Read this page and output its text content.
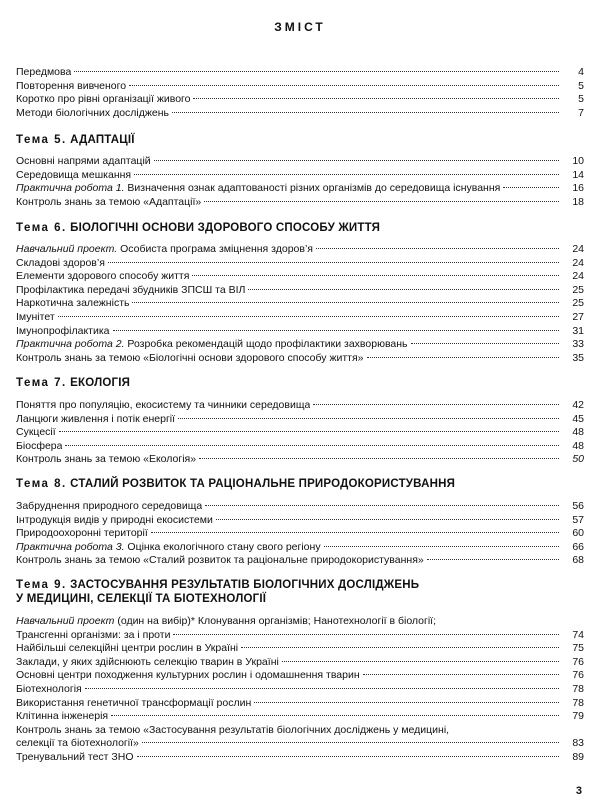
ЗМІСТ
Передмова	4
Повторення вивченого	5
Коротко про рівні організації живого	5
Методи біологічних досліджень	7
Тема 5. АДАПТАЦІЇ
Основні напрями адаптацій	10
Середовища мешкання	14
Практична робота 1. Визначення ознак адаптованості різних організмів до середовища існування	16
Контроль знань за темою «Адаптації»	18
Тема 6. БІОЛОГІЧНІ ОСНОВИ ЗДОРОВОГО СПОСОБУ ЖИТТЯ
Навчальний проект. Особиста програма зміцнення здоров’я	24
Складові здоров’я	24
Елементи здорового способу життя	24
Профілактика передачі збудників ЗПСШ та ВІЛ	25
Наркотична залежність	25
Імунітет	27
Імунопрофілактика	31
Практична робота 2. Розробка рекомендацій щодо профілактики захворювань	33
Контроль знань за темою «Біологічні основи здорового способу життя»	35
Тема 7. ЕКОЛОГІЯ
Поняття про популяцію, екосистему та чинники середовища	42
Ланцюги живлення і потік енергії	45
Сукцесії	48
Біосфера	48
Контроль знань за темою «Екологія»	50
Тема 8. СТАЛИЙ РОЗВИТОК ТА РАЦІОНАЛЬНЕ ПРИРОДОКОРИСТУВАННЯ
Забруднення природного середовища	56
Інтродукція видів у природні екосистеми	57
Природоохоронні території	60
Практична робота 3. Оцінка екологічного стану свого регіону	66
Контроль знань за темою «Сталий розвиток та раціональне природокористування»	68
Тема 9. ЗАСТОСУВАННЯ РЕЗУЛЬТАТІВ БІОЛОГІЧНИХ ДОСЛІДЖЕНЬ
У МЕДИЦИНІ, СЕЛЕКЦІЇ ТА БІОТЕХНОЛОГІЇ
Навчальний проект (один на вибір)* Клонування організмів; Нанотехнології в біології;
Трансгенні організми: за і проти	74
Найбільші селекційні центри рослин в Україні	75
Заклади, у яких здійснюють селекцію тварин в Україні	76
Основні центри походження культурних рослин і одомашнення тварин	76
Біотехнологія	78
Використання генетичної трансформації рослин	78
Клітинна інженерія	79
Контроль знань за темою «Застосування результатів біологічних досліджень у медицині,
селекції та біотехнології»	83
Тренувальний тест ЗНО	89
3
